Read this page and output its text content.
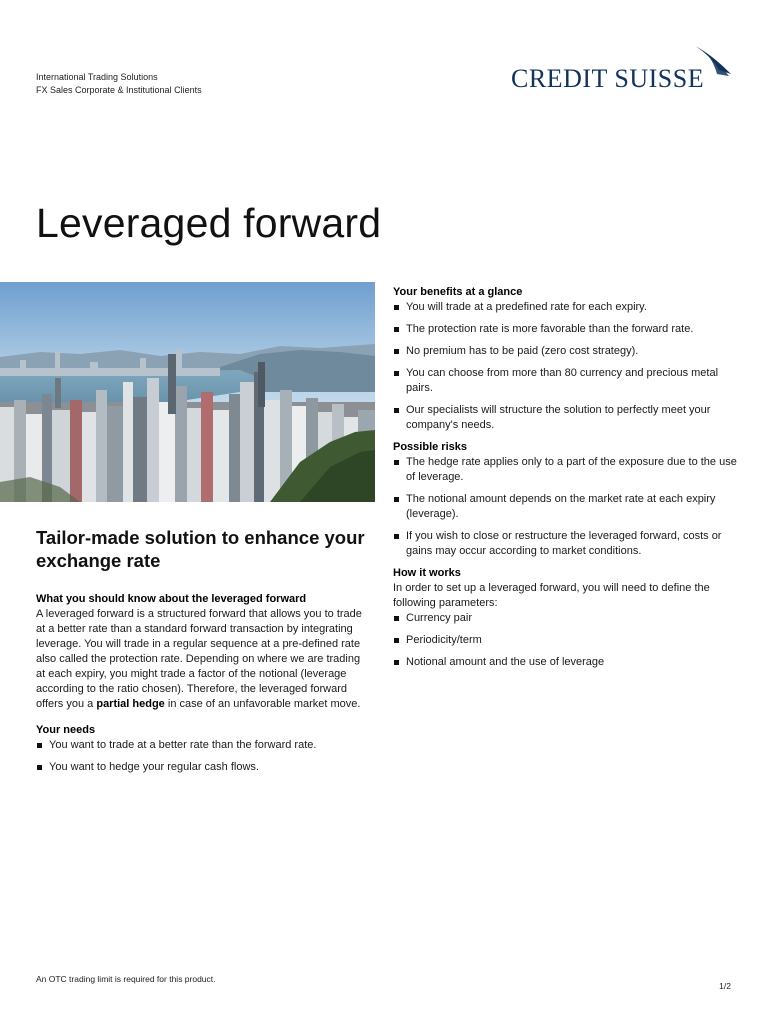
International Trading Solutions
FX Sales Corporate & Institutional Clients	CREDIT SUISSE
Leveraged forward
Tailor-made solution to enhance your exchange rate
What you should know about the leveraged forward

A leveraged forward is a structured forward that allows you to trade at a better rate than a standard forward transaction by integrating leverage. You will trade in a regular sequence at a pre-defined rate also called the protection rate. Depending on where we are trading at each expiry, you might trade a factor of the notional (leverage according to the ratio chosen). Therefore, the leveraged forward offers you a partial hedge in case of an unfavorable market move.

Your needs
You want to trade at a better rate than the forward rate.
You want to hedge your regular cash flows.
Your benefits at a glance
You will trade at a predefined rate for each expiry.
The protection rate is more favorable than the forward rate.
No premium has to be paid (zero cost strategy).
You can choose from more than 80 currency and precious metal pairs.
Our specialists will structure the solution to perfectly meet your company's needs.
Possible risks
The hedge rate applies only to a part of the exposure due to the use of leverage.
The notional amount depends on the market rate at each expiry (leverage).
If you wish to close or restructure the leveraged forward, costs or gains may occur according to market conditions.
How it works

In order to set up a leveraged forward, you will need to define the following parameters:

Currency pair
Periodicity/term
Notional amount and the use of leverage
An OTC trading limit is required for this product.
1/2
